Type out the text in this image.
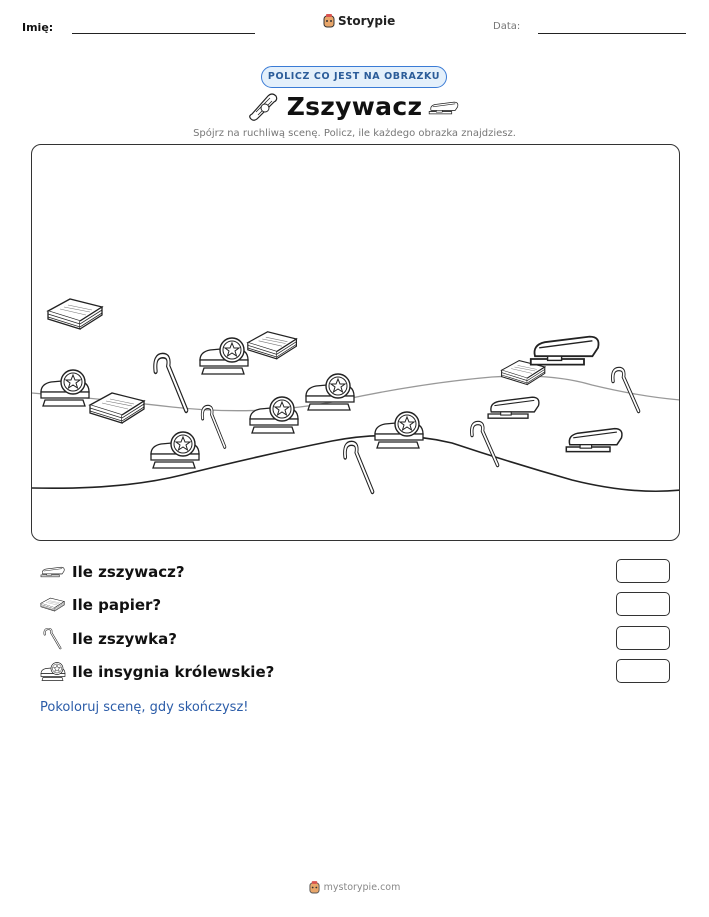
Imię:	Storypie	Data:
POLICZ CO JEST NA OBRAZKU
Zszywacz
Spójrz na ruchliwą scenę. Policz, ile każdego obrazka znajdziesz.
Ile zszywacz?
Ile papier?
Ile zszywka?
Ile insygnia królewskie?
Pokoloruj scenę, gdy skończysz!
mystorypie.com
